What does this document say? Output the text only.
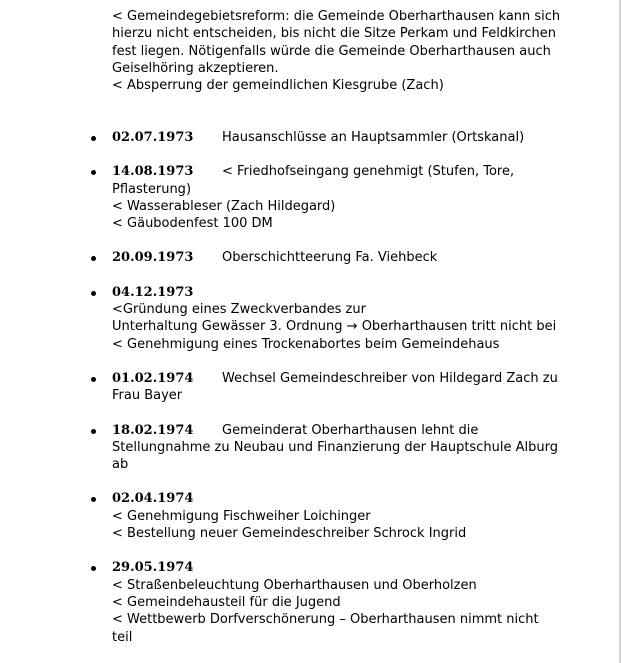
< Gemeindegebietsreform: die Gemeinde Oberharthausen kann sich
hierzu nicht entscheiden, bis nicht die Sitze Perkam und Feldkirchen
fest liegen. Nötigenfalls würde die Gemeinde Oberharthausen auch
Geiselhöring akzeptieren.
< Absperrung der gemeindlichen Kiesgrube (Zach)
02.07.1973 Hausanschlüsse an Hauptsammler (Ortskanal)
14.08.1973 < Friedhofseingang genehmigt (Stufen, Tore,
Pflasterung)
< Wasserableser (Zach Hildegard)
< Gäubodenfest 100 DM
20.09.1973 Oberschichtteerung Fa. Viehbeck
04.12.1973
<Gründung eines Zweckverbandes zur
Unterhaltung Gewässer 3. Ordnung → Oberharthausen tritt nicht bei
< Genehmigung eines Trockenabortes beim Gemeindehaus
01.02.1974 Wechsel Gemeindeschreiber von Hildegard Zach zu
Frau Bayer
18.02.1974 Gemeinderat Oberharthausen lehnt die
Stellungnahme zu Neubau und Finanzierung der Hauptschule Alburg
ab
02.04.1974
< Genehmigung Fischweiher Loichinger
< Bestellung neuer Gemeindeschreiber Schrock Ingrid
29.05.1974
< Straßenbeleuchtung Oberharthausen und Oberholzen
< Gemeindehausteil für die Jugend
< Wettbewerb Dorfverschönerung – Oberharthausen nimmt nicht
teil
